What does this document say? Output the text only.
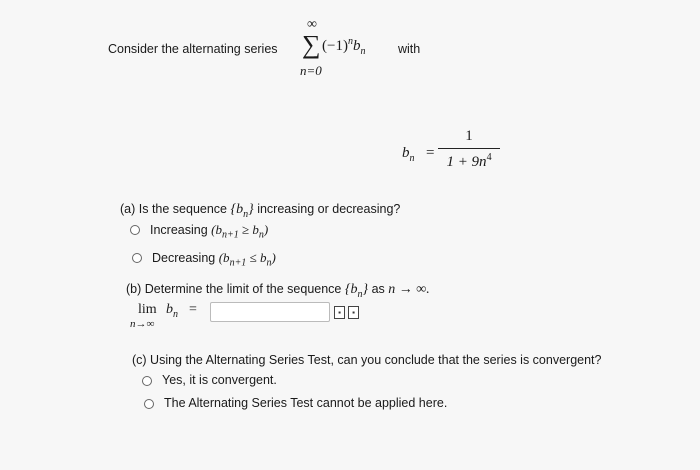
Consider the alternating series
∞
∑ $(-1)^nb_n$	with
n=0
$b_n$ =
1
$1 + 9n^4$
(a) Is the sequence $\{b_n\}$ increasing or decreasing?
Increasing $(b_{n+1} \ge b_n)$
Decreasing $(b_{n+1} \le b_n)$
(b) Determine the limit of the sequence $\{b_n\}$ as n → ∞.
lim
n→∞
$b_n$ =	▪	▪
(c) Using the Alternating Series Test, can you conclude that the series is convergent?
Yes, it is convergent.
The Alternating Series Test cannot be applied here.
